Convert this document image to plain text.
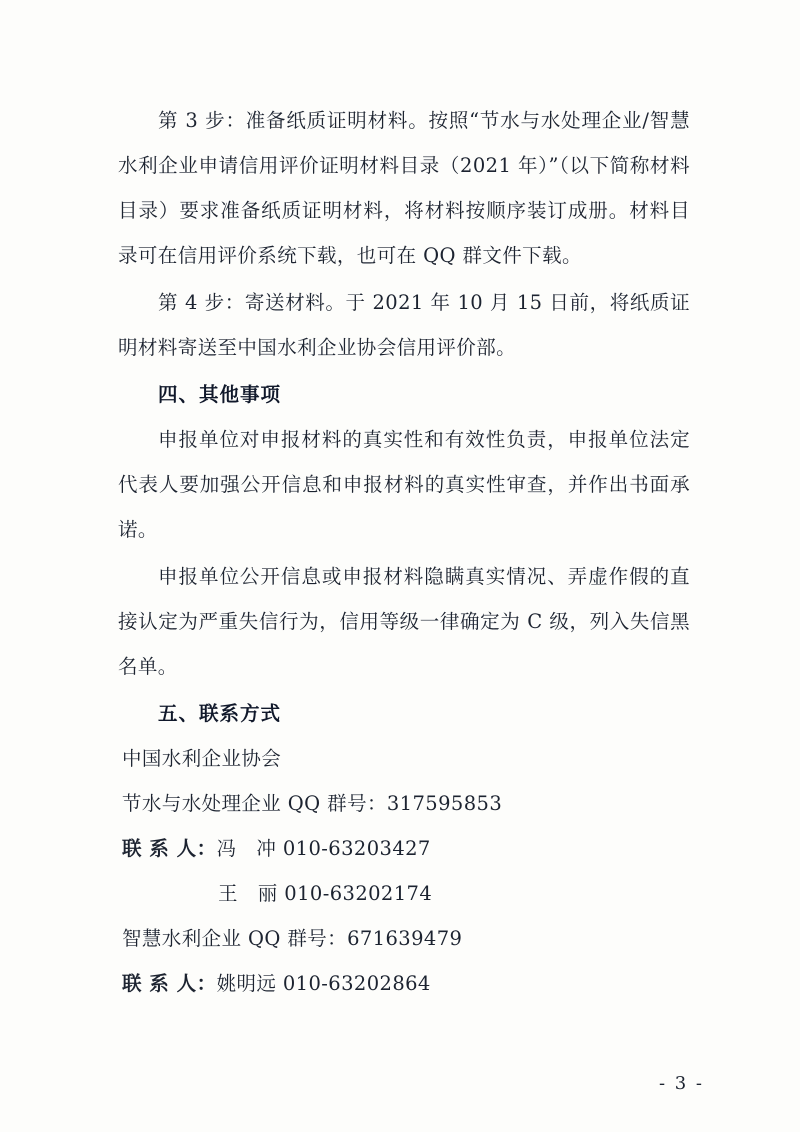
第 3 步：准备纸质证明材料。按照“节水与水处理企业/智慧水利企业申请信用评价证明材料目录（2021 年）”（以下简称材料目录）要求准备纸质证明材料，将材料按顺序装订成册。材料目录可在信用评价系统下载，也可在 QQ 群文件下载。

第 4 步：寄送材料。于 2021 年 10 月 15 日前，将纸质证明材料寄送至中国水利企业协会信用评价部。

四、其他事项

申报单位对申报材料的真实性和有效性负责，申报单位法定代表人要加强公开信息和申报材料的真实性审查，并作出书面承诺。

申报单位公开信息或申报材料隐瞒真实情况、弄虚作假的直接认定为严重失信行为，信用等级一律确定为 C 级，列入失信黑名单。

五、联系方式
中国水利企业协会
节水与水处理企业 QQ 群号：317595853
联 系 人：冯　冲 010-63203427
王　丽 010-63202174
智慧水利企业 QQ 群号：671639479
联 系 人：姚明远 010-63202864
- 3 -
